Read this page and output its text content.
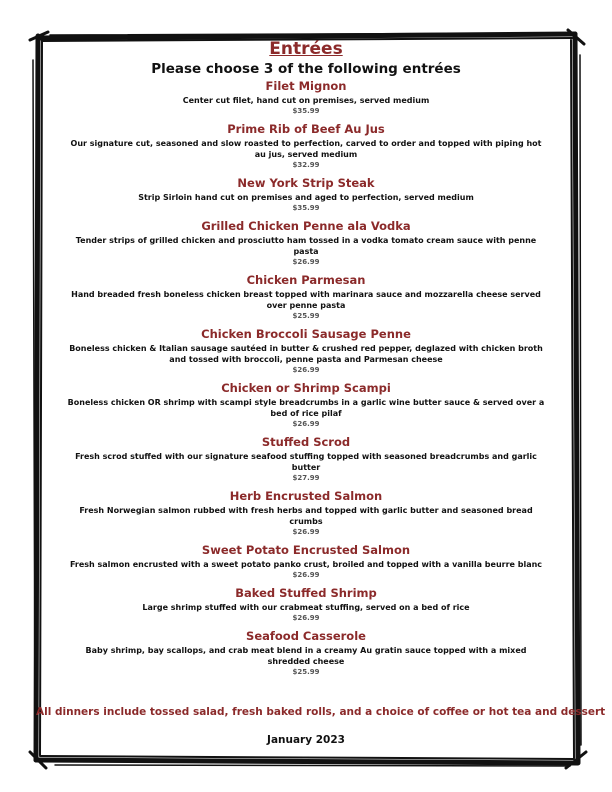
Entrées
Please choose 3 of the following entrées
Filet Mignon
Center cut filet, hand cut on premises, served medium
$35.99
Prime Rib of Beef Au Jus
Our signature cut, seasoned and slow roasted to perfection, carved to order and topped with piping hot au jus, served medium
$32.99
New York Strip Steak
Strip Sirloin hand cut on premises and aged to perfection, served medium
$35.99
Grilled Chicken Penne ala Vodka
Tender strips of grilled chicken and prosciutto ham tossed in a vodka tomato cream sauce with penne pasta
$26.99
Chicken Parmesan
Hand breaded fresh boneless chicken breast topped with marinara sauce and mozzarella cheese served over penne pasta
$25.99
Chicken Broccoli Sausage Penne
Boneless chicken & Italian sausage sautéed in butter & crushed red pepper, deglazed with chicken broth and tossed with broccoli, penne pasta and Parmesan cheese
$26.99
Chicken or Shrimp Scampi
Boneless chicken OR shrimp with scampi style breadcrumbs in a garlic wine butter sauce & served over a bed of rice pilaf
$26.99
Stuffed Scrod
Fresh scrod stuffed with our signature seafood stuffing topped with seasoned breadcrumbs and garlic butter
$27.99
Herb Encrusted Salmon
Fresh Norwegian salmon rubbed with fresh herbs and topped with garlic butter and seasoned bread crumbs
$26.99
Sweet Potato Encrusted Salmon
Fresh salmon encrusted with a sweet potato panko crust, broiled and topped with a vanilla beurre blanc
$26.99
Baked Stuffed Shrimp
Large shrimp stuffed with our crabmeat stuffing, served on a bed of rice
$26.99
Seafood Casserole
Baby shrimp, bay scallops, and crab meat blend in a creamy Au gratin sauce topped with a mixed shredded cheese
$25.99
All dinners include tossed salad, fresh baked rolls, and a choice of coffee or hot tea and dessert
January 2023
